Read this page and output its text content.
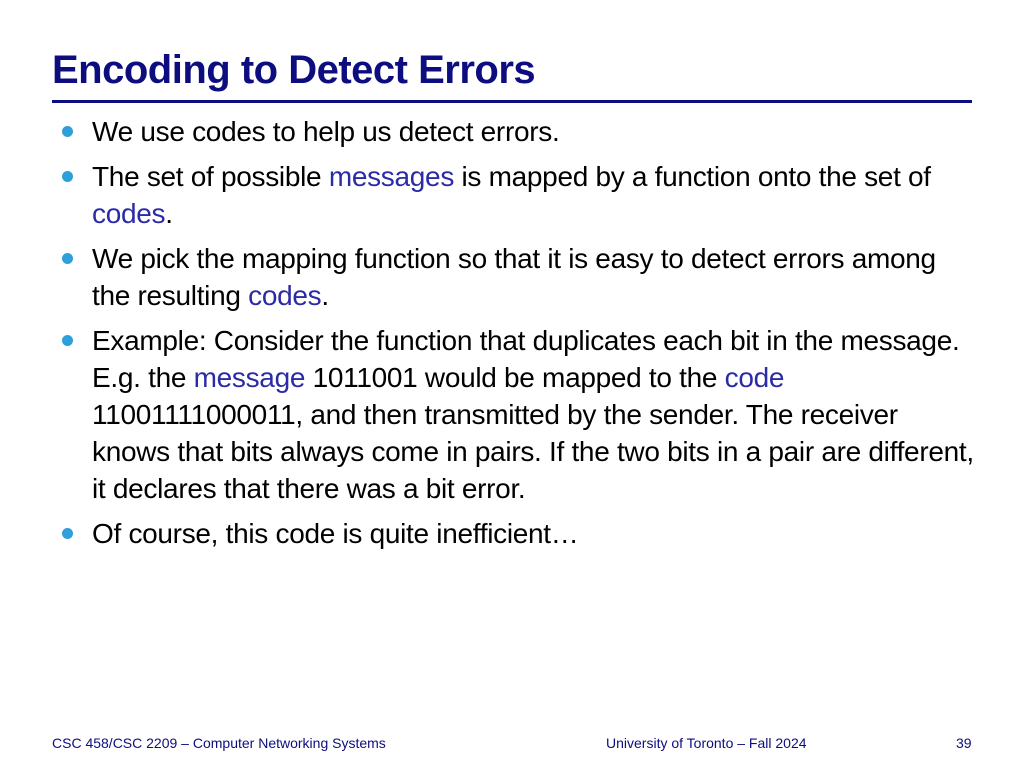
Encoding to Detect Errors
We use codes to help us detect errors.
The set of possible messages is mapped by a function onto the set of codes.
We pick the mapping function so that it is easy to detect errors among the resulting codes.
Example: Consider the function that duplicates each bit in the message. E.g. the message 1011001 would be mapped to the code 11001111000011, and then transmitted by the sender. The receiver knows that bits always come in pairs. If the two bits in a pair are different, it declares that there was a bit error.
Of course, this code is quite inefficient…
CSC 458/CSC 2209 – Computer Networking Systems	University of Toronto – Fall 2024	39
